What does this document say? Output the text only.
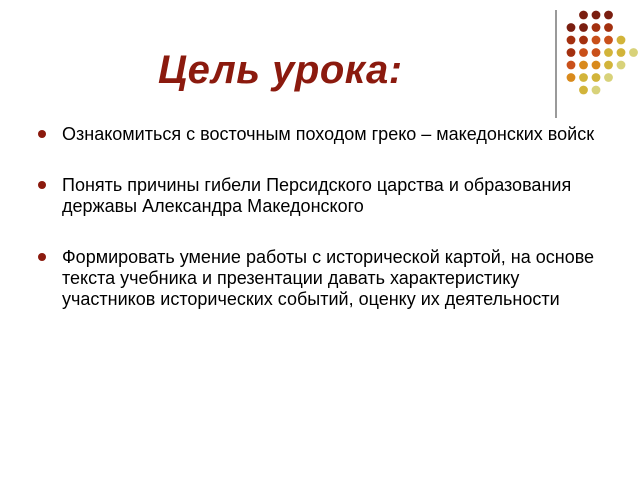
Цель урока:
Ознакомиться с восточным походом греко – македонских войск
Понять причины гибели Персидского царства и образования державы Александра Македонского
Формировать умение работы с исторической картой, на основе текста учебника и презентации давать характеристику участников исторических событий, оценку их деятельности
